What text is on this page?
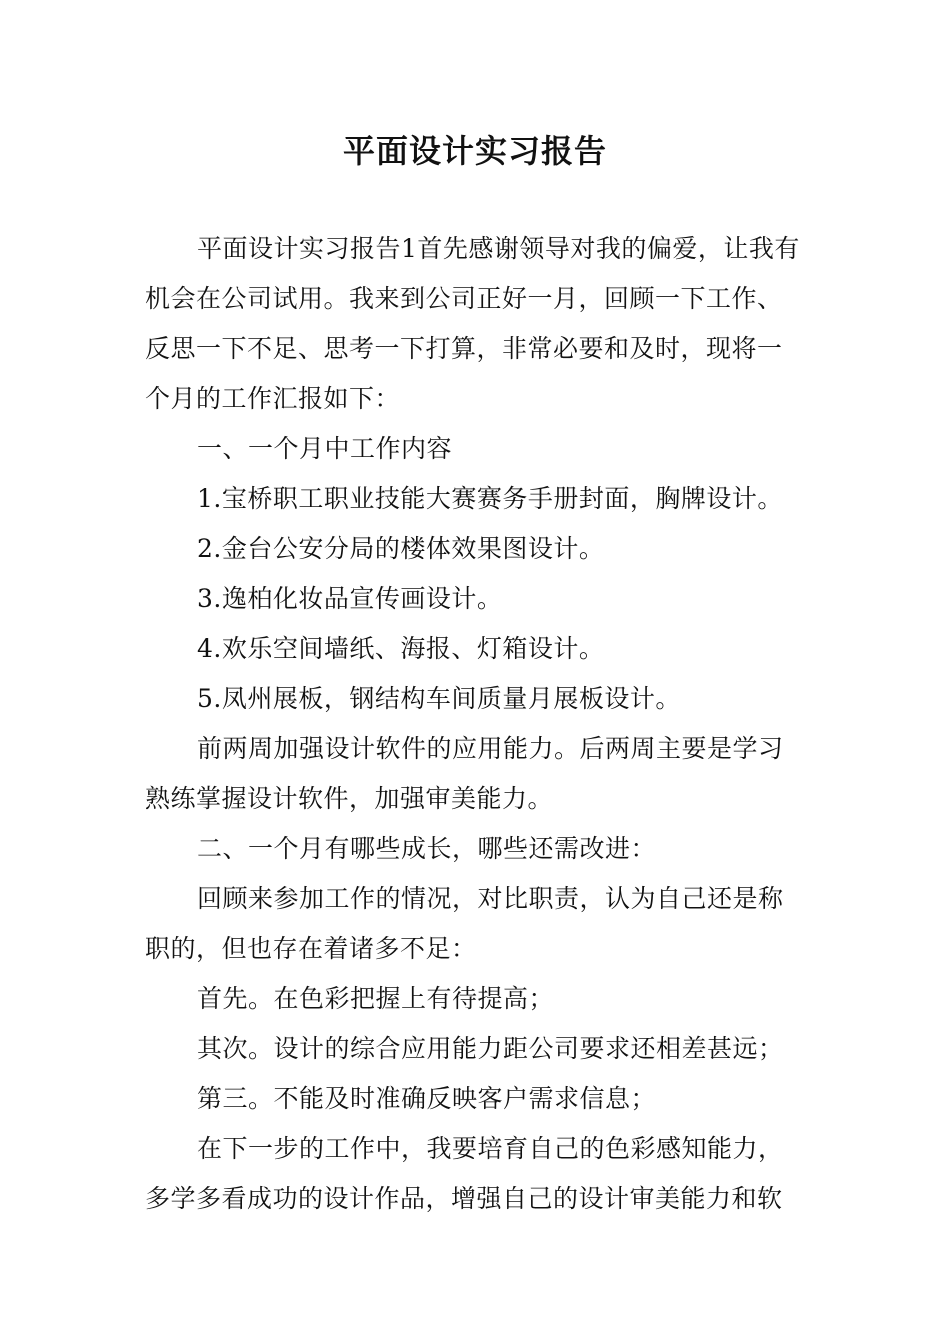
平面设计实习报告

平面设计实习报告1首先感谢领导对我的偏爱，让我有机会在公司试用。我来到公司正好一月，回顾一下工作、反思一下不足、思考一下打算，非常必要和及时，现将一个月的工作汇报如下：

一、一个月中工作内容

1.宝桥职工职业技能大赛赛务手册封面，胸牌设计。

2.金台公安分局的楼体效果图设计。

3.逸柏化妆品宣传画设计。

4.欢乐空间墙纸、海报、灯箱设计。

5.凤州展板，钢结构车间质量月展板设计。

前两周加强设计软件的应用能力。后两周主要是学习熟练掌握设计软件，加强审美能力。

二、一个月有哪些成长，哪些还需改进：

回顾来参加工作的情况，对比职责，认为自己还是称职的，但也存在着诸多不足：

首先。在色彩把握上有待提高；

其次。设计的综合应用能力距公司要求还相差甚远；

第三。不能及时准确反映客户需求信息；

在下一步的工作中，我要培育自己的色彩感知能力，多学多看成功的设计作品，增强自己的设计审美能力和软
